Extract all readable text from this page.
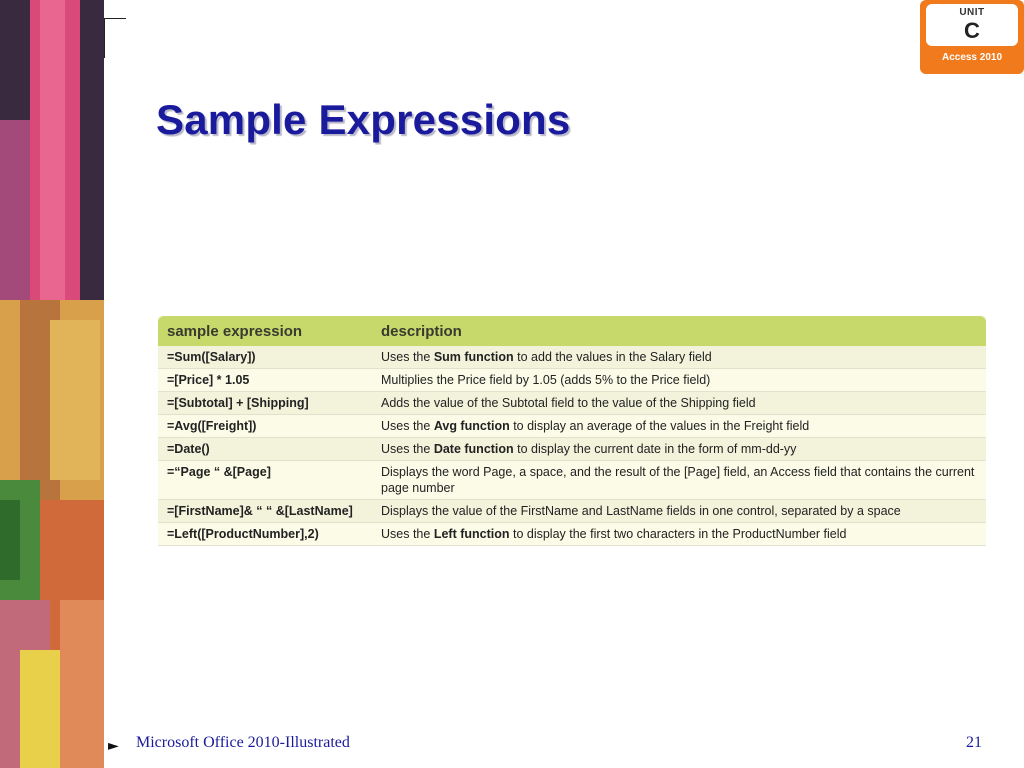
UNIT
C
Access 2010
Sample Expressions
sample expression	description
=Sum([Salary])	Uses the Sum function to add the values in the Salary field
=[Price] * 1.05	Multiplies the Price field by 1.05 (adds 5% to the Price field)
=[Subtotal] + [Shipping]	Adds the value of the Subtotal field to the value of the Shipping field
=Avg([Freight])	Uses the Avg function to display an average of the values in the Freight field
=Date()	Uses the Date function to display the current date in the form of mm-dd-yy
=“Page “ &[Page]	Displays the word Page, a space, and the result of the [Page] field, an Access field that contains the current page number
=[FirstName]& “ “ &[LastName]	Displays the value of the FirstName and LastName fields in one control, separated by a space
=Left([ProductNumber],2)	Uses the Left function to display the first two characters in the ProductNumber field
► Microsoft Office 2010-Illustrated	21
